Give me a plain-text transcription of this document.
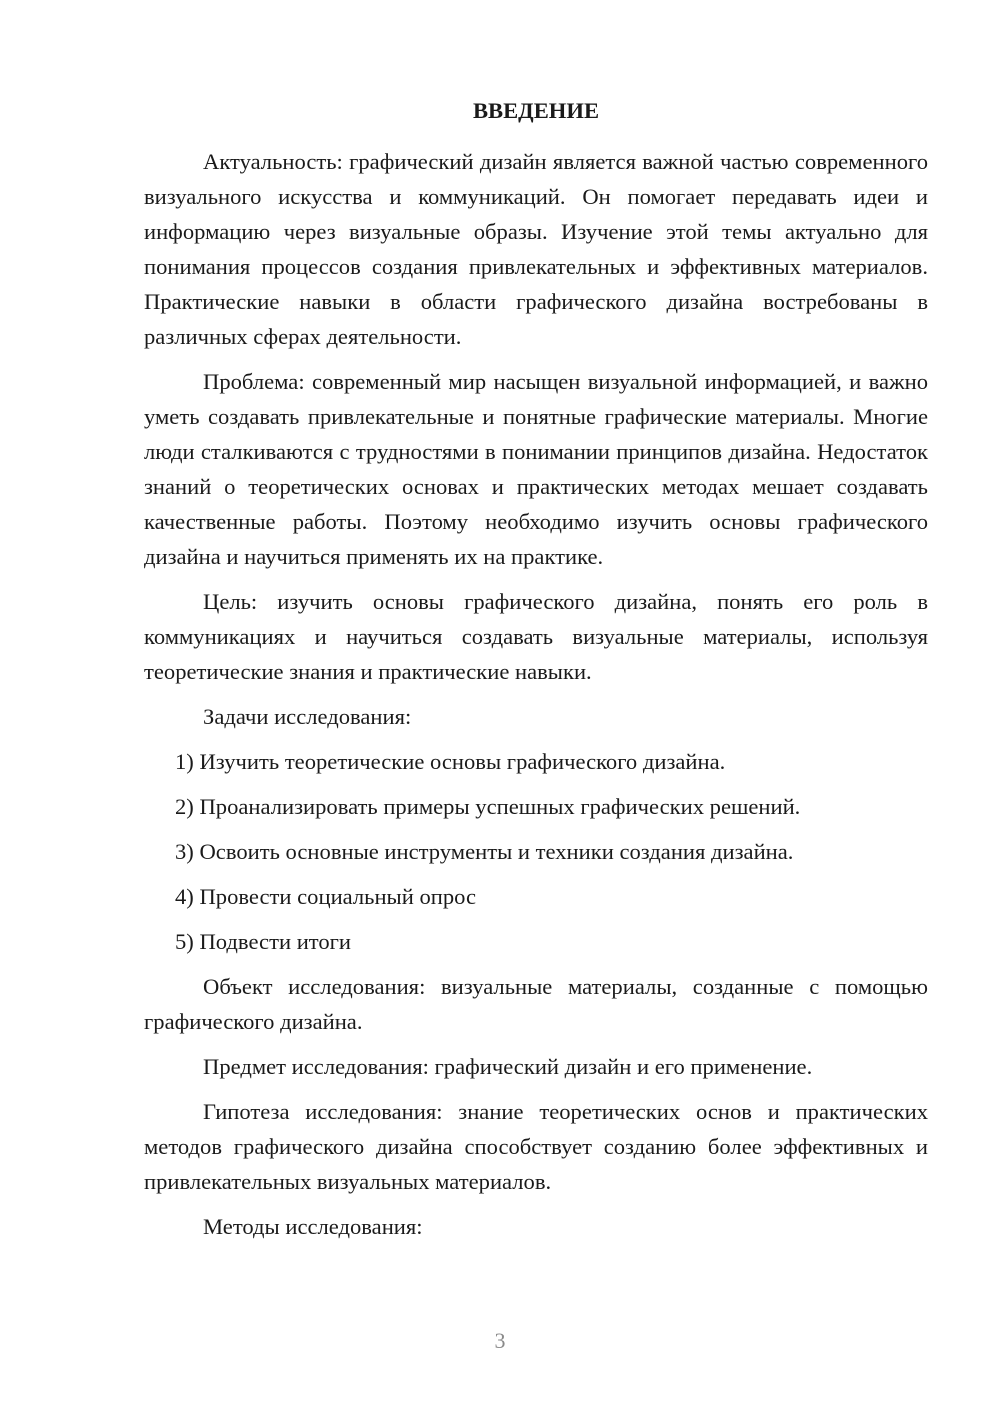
ВВЕДЕНИЕ

Актуальность: графический дизайн является важной частью современного визуального искусства и коммуникаций. Он помогает передавать идеи и информацию через визуальные образы. Изучение этой темы актуально для понимания процессов создания привлекательных и эффективных материалов. Практические навыки в области графического дизайна востребованы в различных сферах деятельности.

Проблема: современный мир насыщен визуальной информацией, и важно уметь создавать привлекательные и понятные графические материалы. Многие люди сталкиваются с трудностями в понимании принципов дизайна. Недостаток знаний о теоретических основах и практических методах мешает создавать качественные работы. Поэтому необходимо изучить основы графического дизайна и научиться применять их на практике.

Цель: изучить основы графического дизайна, понять его роль в коммуникациях и научиться создавать визуальные материалы, используя теоретические знания и практические навыки.

Задачи исследования:

1) Изучить теоретические основы графического дизайна.
2) Проанализировать примеры успешных графических решений.
3) Освоить основные инструменты и техники создания дизайна.
4) Провести социальный опрос
5) Подвести итоги

Объект исследования: визуальные материалы, созданные с помощью графического дизайна.

Предмет исследования: графический дизайн и его применение.

Гипотеза исследования: знание теоретических основ и практических методов графического дизайна способствует созданию более эффективных и привлекательных визуальных материалов.

Методы исследования:

3
